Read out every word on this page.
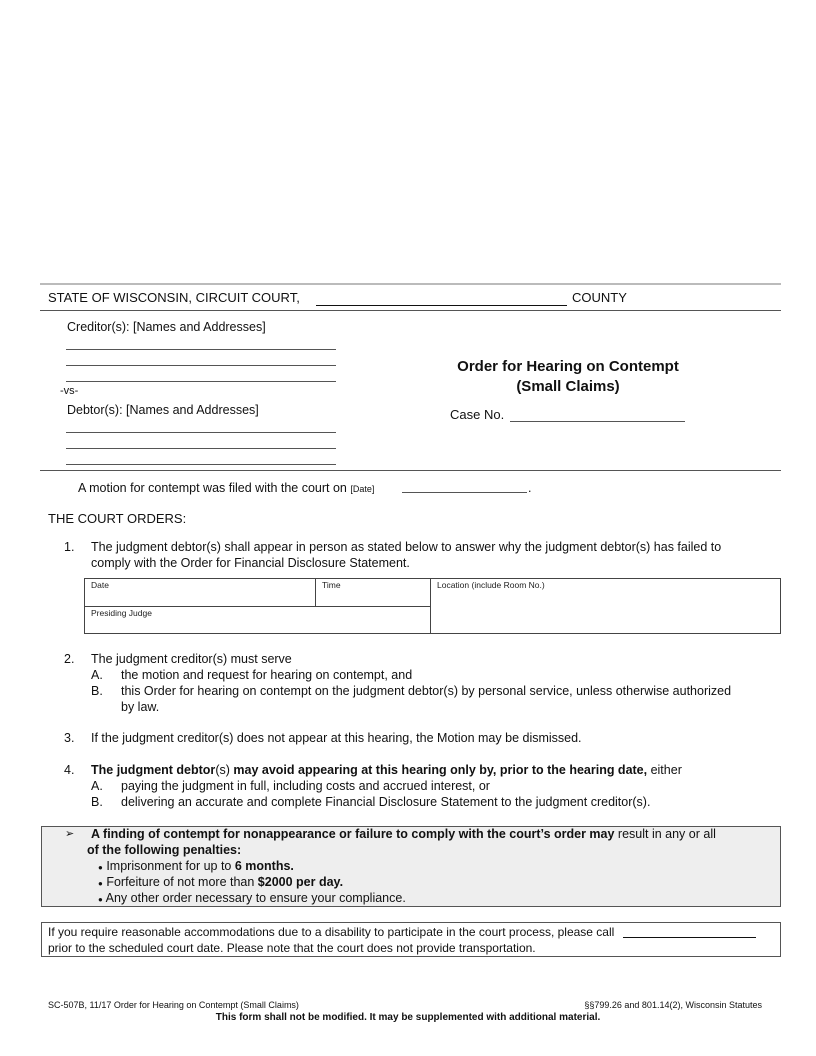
STATE OF WISCONSIN, CIRCUIT COURT,	COUNTY
Creditor(s): [Names and Addresses]
-vs-
Debtor(s): [Names and Addresses]
Order for Hearing on Contempt
(Small Claims)
Case No.
A motion for contempt was filed with the court on [Date]	.
THE COURT ORDERS:
1. The judgment debtor(s) shall appear in person as stated below to answer why the judgment debtor(s) has failed to
comply with the Order for Financial Disclosure Statement.
Date	Time	Location (include Room No.)
Presiding Judge
2. The judgment creditor(s) must serve
A. the motion and request for hearing on contempt, and
B. this Order for hearing on contempt on the judgment debtor(s) by personal service, unless otherwise authorized
by law.
3. If the judgment creditor(s) does not appear at this hearing, the Motion may be dismissed.
4. The judgment debtor(s) may avoid appearing at this hearing only by, prior to the hearing date, either
A. paying the judgment in full, including costs and accrued interest, or
B. delivering an accurate and complete Financial Disclosure Statement to the judgment creditor(s).
➢ A finding of contempt for nonappearance or failure to comply with the court’s order may result in any or all
of the following penalties:
● Imprisonment for up to 6 months.
● Forfeiture of not more than $2000 per day.
● Any other order necessary to ensure your compliance.
If you require reasonable accommodations due to a disability to participate in the court process, please call
prior to the scheduled court date. Please note that the court does not provide transportation.
SC-507B, 11/17 Order for Hearing on Contempt (Small Claims)	§§799.26 and 801.14(2), Wisconsin Statutes
This form shall not be modified. It may be supplemented with additional material.
